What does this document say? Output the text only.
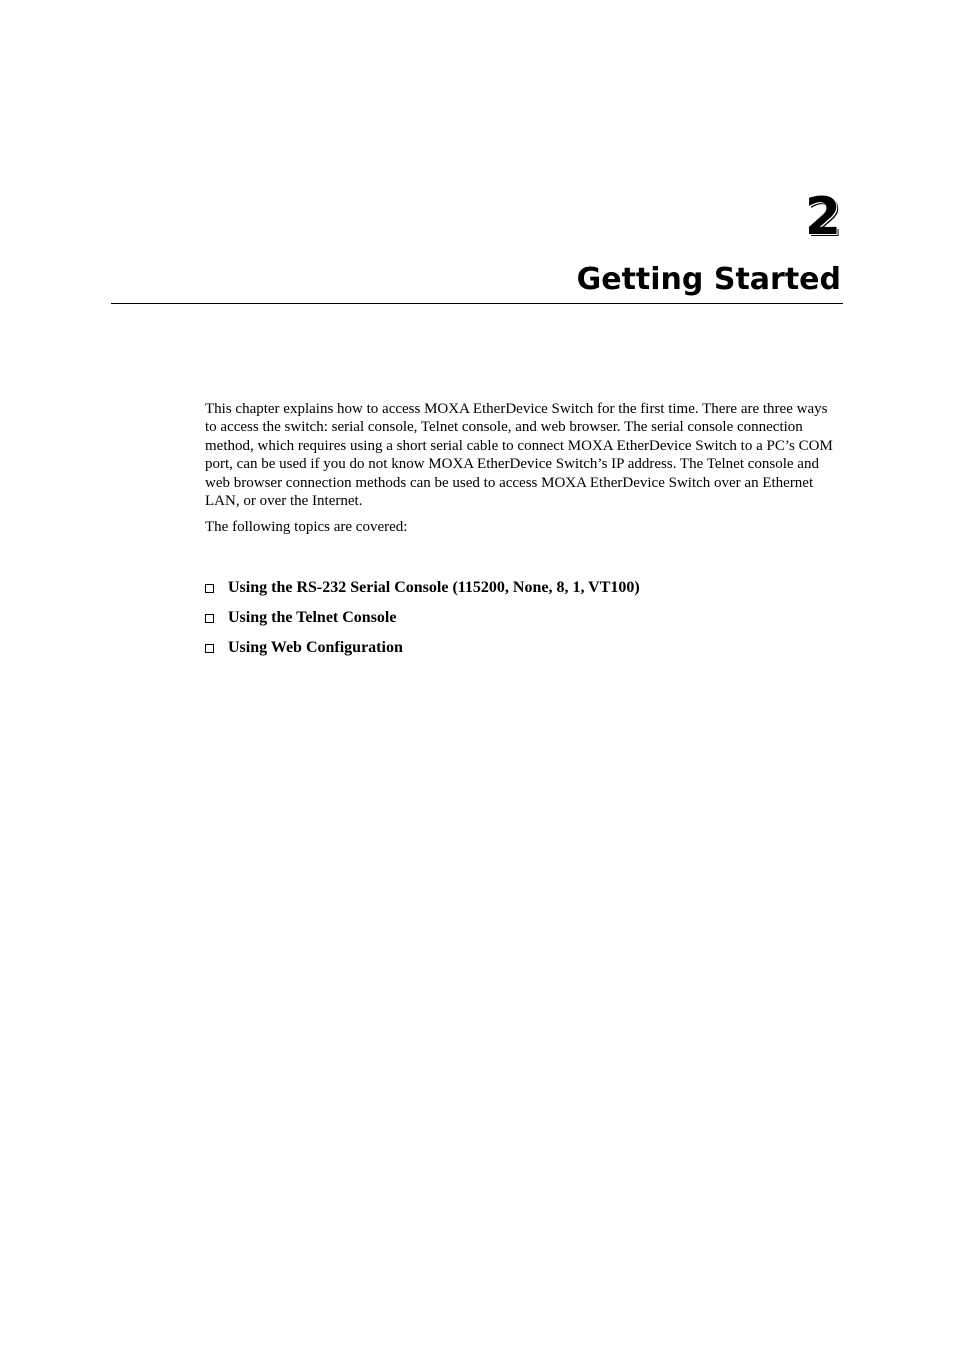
2
Getting Started

This chapter explains how to access MOXA EtherDevice Switch for the first time. There are three ways to access the switch: serial console, Telnet console, and web browser. The serial console connection method, which requires using a short serial cable to connect MOXA EtherDevice Switch to a PC’s COM port, can be used if you do not know MOXA EtherDevice Switch’s IP address. The Telnet console and web browser connection methods can be used to access MOXA EtherDevice Switch over an Ethernet LAN, or over the Internet.

The following topics are covered:

Using the RS-232 Serial Console (115200, None, 8, 1, VT100)
Using the Telnet Console
Using Web Configuration
